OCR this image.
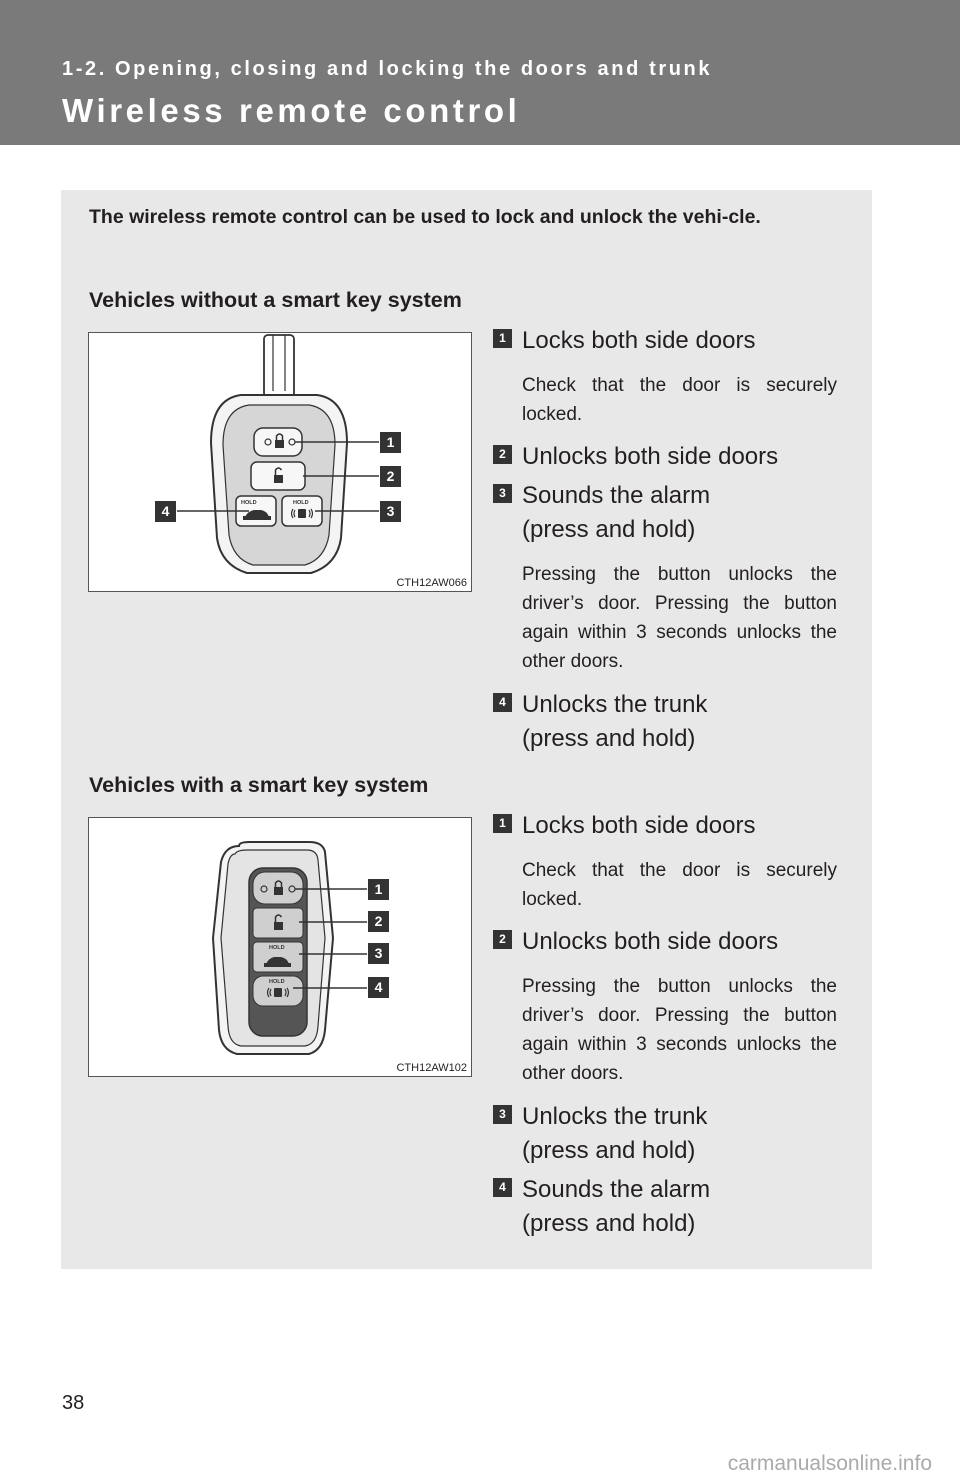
1-2. Opening, closing and locking the doors and trunk
Wireless remote control
The wireless remote control can be used to lock and unlock the vehi-cle.
Vehicles without a smart key system
HOLD	HOLD
1
2
3
4
CTH12AW066
1 Locks both side doors
Check that the door is securely locked.
2 Unlocks both side doors
3 Sounds the alarm
(press and hold)
Pressing the button unlocks the driver’s door. Pressing the button again within 3 seconds unlocks the other doors.
4 Unlocks the trunk
(press and hold)
Vehicles with a smart key system
HOLD
HOLD
1
2
3
4
CTH12AW102
1 Locks both side doors
Check that the door is securely locked.
2 Unlocks both side doors
Pressing the button unlocks the driver’s door. Pressing the button again within 3 seconds unlocks the other doors.
3 Unlocks the trunk
(press and hold)
4 Sounds the alarm
(press and hold)
38
carmanualsonline.info
